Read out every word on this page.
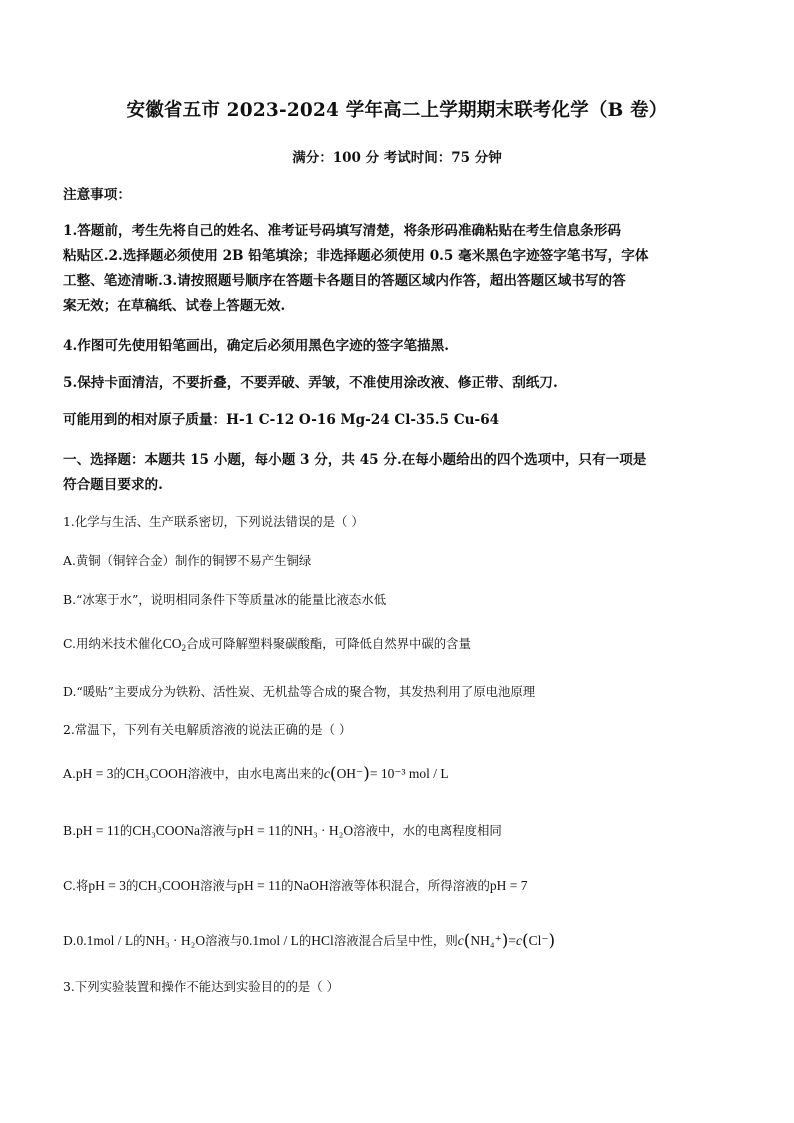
安徽省五市 2023-2024 学年高二上学期期末联考化学（B 卷）
满分：100 分 考试时间：75 分钟
注意事项：
1.答题前，考生先将自己的姓名、准考证号码填写清楚，将条形码准确粘贴在考生信息条形码
粘贴区.2.选择题必须使用 2B 铅笔填涂；非选择题必须使用 0.5 毫米黑色字迹签字笔书写，字体
工整、笔迹清晰.3.请按照题号顺序在答题卡各题目的答题区域内作答，超出答题区域书写的答
案无效；在草稿纸、试卷上答题无效.
4.作图可先使用铅笔画出，确定后必须用黑色字迹的签字笔描黑.
5.保持卡面清洁，不要折叠，不要弄破、弄皱，不准使用涂改液、修正带、刮纸刀.
可能用到的相对原子质量：H-1 C-12 O-16 Mg-24 Cl-35.5 Cu-64
一、选择题：本题共 15 小题，每小题 3 分，共 45 分.在每小题给出的四个选项中，只有一项是
符合题目要求的.
1.化学与生活、生产联系密切，下列说法错误的是（ ）
A.黄铜（铜锌合金）制作的铜锣不易产生铜绿
B.“冰寒于水”，说明相同条件下等质量冰的能量比液态水低
C.用纳米技术催化$CO_2$合成可降解塑料聚碳酸酯，可降低自然界中碳的含量
D.“暖贴”主要成分为铁粉、活性炭、无机盐等合成的聚合物，其发热利用了原电池原理
2.常温下，下列有关电解质溶液的说法正确的是（ ）
A.pH = 3的CH₃COOH溶液中，由水电离出来的c(OH⁻)= 10⁻³ mol / L
B.pH = 11的CH₃COONa溶液与pH = 11的NH₃ · H₂O溶液中，水的电离程度相同
C.将pH = 3的CH₃COOH溶液与pH = 11的NaOH溶液等体积混合，所得溶液的pH = 7
D.0.1mol / L的NH₃ · H₂O溶液与0.1mol / L的HCl溶液混合后呈中性，则c(NH₄⁺)=c(Cl⁻)
3.下列实验装置和操作不能达到实验目的的是（ ）
